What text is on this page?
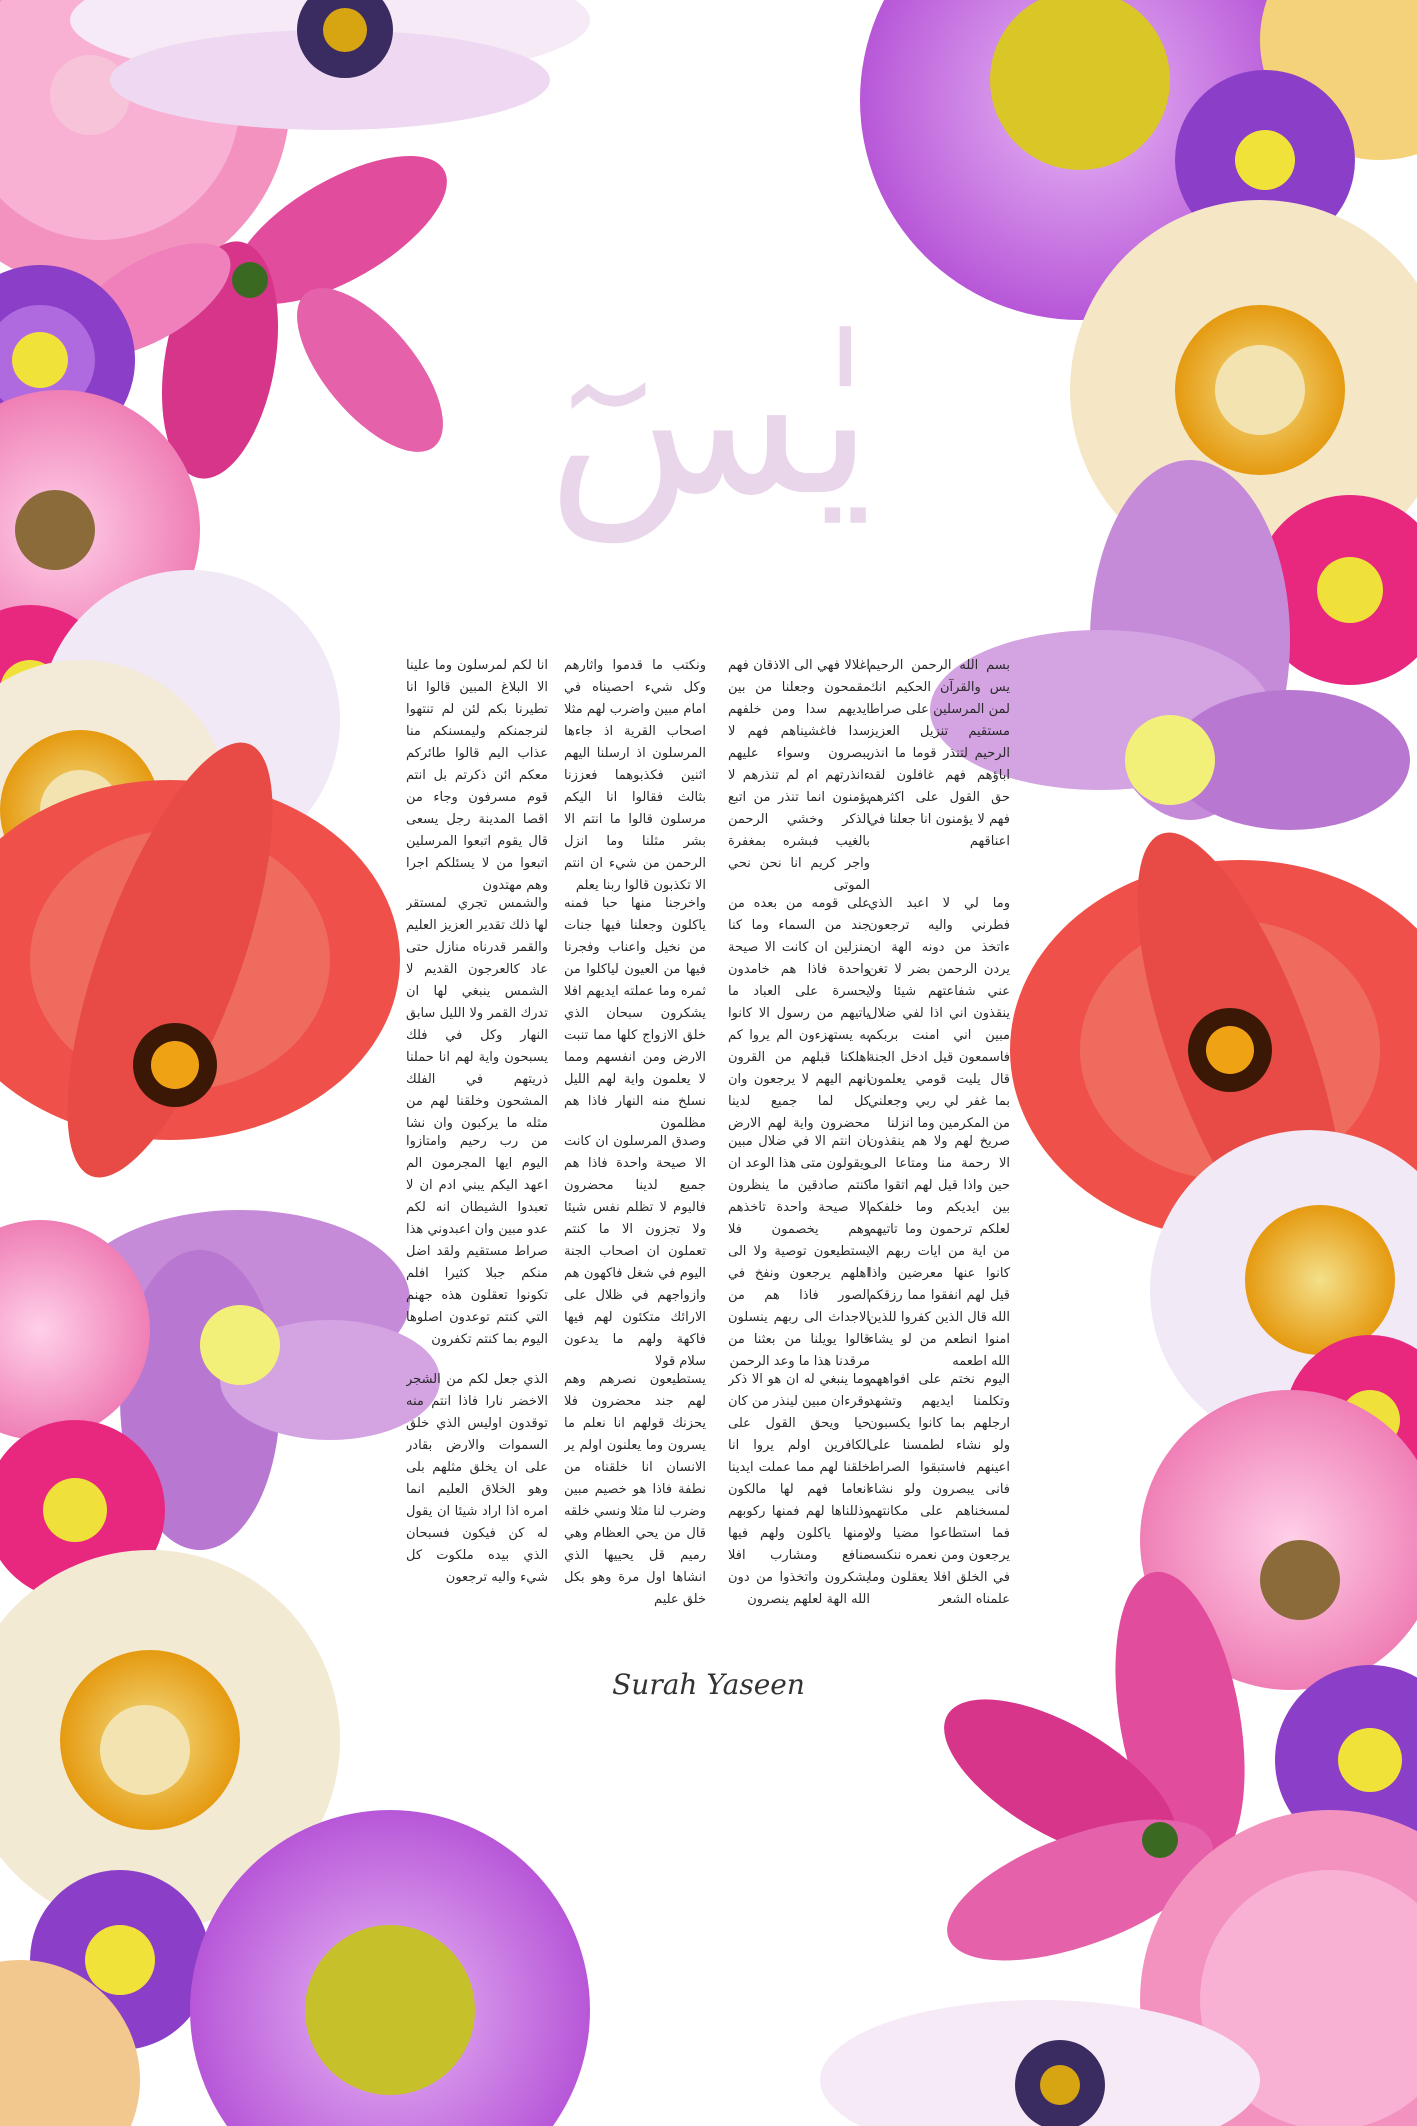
يٰسٓ
بسم الله الرحمن الرحيم يس والقرآن الحكيم انك لمن المرسلين على صراط مستقيم تنزيل العزيز الرحيم لتنذر قوما ما انذر اباؤهم فهم غافلون لقد حق القول على اكثرهم فهم لا يؤمنون انا جعلنا في اعناقهم
وما لي لا اعبد الذي فطرني واليه ترجعون ءاتخذ من دونه الهة ان يردن الرحمن بضر لا تغن عني شفاعتهم شيئا ولا ينقذون اني اذا لفي ضلال مبين اني امنت بربكم فاسمعون قيل ادخل الجنة قال يليت قومي يعلمون بما غفر لي ربي وجعلني من المكرمين وما انزلنا
صريخ لهم ولا هم ينقذون الا رحمة منا ومتاعا الى حين واذا قيل لهم اتقوا ما بين ايديكم وما خلفكم لعلكم ترحمون وما تاتيهم من اية من ايات ربهم الا كانوا عنها معرضين واذا قيل لهم انفقوا مما رزقكم الله قال الذين كفروا للذين امنوا انطعم من لو يشاء الله اطعمه
اليوم نختم على افواههم وتكلمنا ايديهم وتشهد ارجلهم بما كانوا يكسبون ولو نشاء لطمسنا على اعينهم فاستبقوا الصراط فانى يبصرون ولو نشاء لمسخناهم على مكانتهم فما استطاعوا مضيا ولا يرجعون ومن نعمره ننكسه في الخلق افلا يعقلون وما علمناه الشعر
اغلالا فهي الى الاذقان فهم مقمحون وجعلنا من بين ايديهم سدا ومن خلفهم سدا فاغشيناهم فهم لا يبصرون وسواء عليهم ءانذرتهم ام لم تنذرهم لا يؤمنون انما تنذر من اتبع الذكر وخشي الرحمن بالغيب فبشره بمغفرة واجر كريم انا نحن نحي الموتى
على قومه من بعده من جند من السماء وما كنا منزلين ان كانت الا صيحة واحدة فاذا هم خامدون يحسرة على العباد ما ياتيهم من رسول الا كانوا به يستهزءون الم يروا كم اهلكنا قبلهم من القرون انهم اليهم لا يرجعون وان كل لما جميع لدينا محضرون واية لهم الارض
ان انتم الا في ضلال مبين ويقولون متى هذا الوعد ان كنتم صادقين ما ينظرون الا صيحة واحدة تاخذهم وهم يخصمون فلا يستطيعون توصية ولا الى اهلهم يرجعون ونفخ في الصور فاذا هم من الاجداث الى ربهم ينسلون قالوا يويلنا من بعثنا من مرقدنا هذا ما وعد الرحمن
وما ينبغي له ان هو الا ذكر وقرءان مبين لينذر من كان حيا ويحق القول على الكافرين اولم يروا انا خلقنا لهم مما عملت ايدينا انعاما فهم لها مالكون وذللناها لهم فمنها ركوبهم ومنها ياكلون ولهم فيها منافع ومشارب افلا يشكرون واتخذوا من دون الله الهة لعلهم ينصرون
ونكتب ما قدموا واثارهم وكل شيء احصيناه في امام مبين واضرب لهم مثلا اصحاب القرية اذ جاءها المرسلون اذ ارسلنا اليهم اثنين فكذبوهما فعززنا بثالث فقالوا انا اليكم مرسلون قالوا ما انتم الا بشر مثلنا وما انزل الرحمن من شيء ان انتم الا تكذبون قالوا ربنا يعلم
واخرجنا منها حبا فمنه ياكلون وجعلنا فيها جنات من نخيل واعناب وفجرنا فيها من العيون لياكلوا من ثمره وما عملته ايديهم افلا يشكرون سبحان الذي خلق الازواج كلها مما تنبت الارض ومن انفسهم ومما لا يعلمون واية لهم الليل نسلخ منه النهار فاذا هم مظلمون
وصدق المرسلون ان كانت الا صيحة واحدة فاذا هم جميع لدينا محضرون فاليوم لا تظلم نفس شيئا ولا تجزون الا ما كنتم تعملون ان اصحاب الجنة اليوم في شغل فاكهون هم وازواجهم في ظلال على الارائك متكئون لهم فيها فاكهة ولهم ما يدعون سلام قولا
يستطيعون نصرهم وهم لهم جند محضرون فلا يحزنك قولهم انا نعلم ما يسرون وما يعلنون اولم ير الانسان انا خلقناه من نطفة فاذا هو خصيم مبين وضرب لنا مثلا ونسي خلقه قال من يحي العظام وهي رميم قل يحييها الذي انشاها اول مرة وهو بكل خلق عليم
انا لكم لمرسلون وما علينا الا البلاغ المبين قالوا انا تطيرنا بكم لئن لم تنتهوا لنرجمنكم وليمسنكم منا عذاب اليم قالوا طائركم معكم ائن ذكرتم بل انتم قوم مسرفون وجاء من اقصا المدينة رجل يسعى قال يقوم اتبعوا المرسلين اتبعوا من لا يسئلكم اجرا وهم مهتدون
والشمس تجري لمستقر لها ذلك تقدير العزيز العليم والقمر قدرناه منازل حتى عاد كالعرجون القديم لا الشمس ينبغي لها ان تدرك القمر ولا الليل سابق النهار وكل في فلك يسبحون واية لهم انا حملنا ذريتهم في الفلك المشحون وخلقنا لهم من مثله ما يركبون وان نشا
من رب رحيم وامتازوا اليوم ايها المجرمون الم اعهد اليكم يبني ادم ان لا تعبدوا الشيطان انه لكم عدو مبين وان اعبدوني هذا صراط مستقيم ولقد اضل منكم جبلا كثيرا افلم تكونوا تعقلون هذه جهنم التي كنتم توعدون اصلوها اليوم بما كنتم تكفرون
الذي جعل لكم من الشجر الاخضر نارا فاذا انتم منه توقدون اوليس الذي خلق السموات والارض بقادر على ان يخلق مثلهم بلى وهو الخلاق العليم انما امره اذا اراد شيئا ان يقول له كن فيكون فسبحان الذي بيده ملكوت كل شيء واليه ترجعون
Surah Yaseen
